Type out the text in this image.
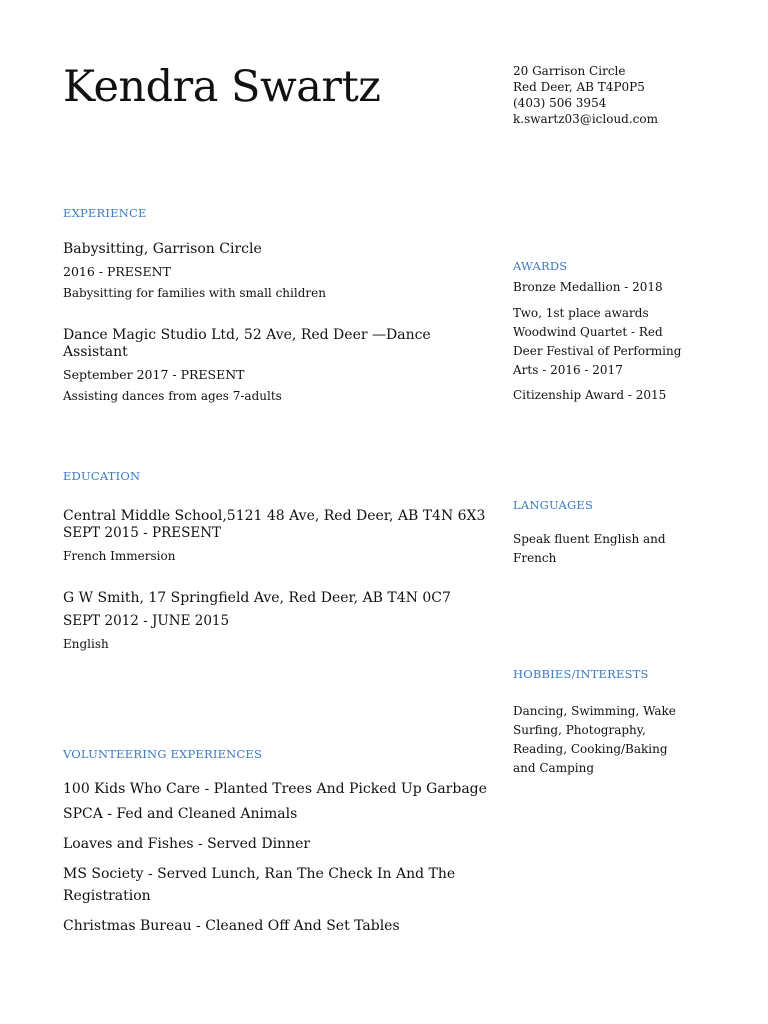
Kendra Swartz	20 Garrison Circle
Red Deer, AB T4P0P5
(403) 506 3954
k.swartz03@icloud.com
EXPERIENCE
Babysitting, Garrison Circle
2016 - PRESENT
Babysitting for families with small children
Dance Magic Studio Ltd, 52 Ave, Red Deer —Dance Assistant
September 2017 - PRESENT
Assisting dances from ages 7-adults
EDUCATION
Central Middle School,5121 48 Ave, Red Deer, AB T4N 6X3
SEPT 2015 - PRESENT
French Immersion
G W Smith, 17 Springfield Ave, Red Deer, AB T4N 0C7
SEPT 2012 - JUNE 2015
English
VOLUNTEERING EXPERIENCES
100 Kids Who Care - Planted Trees And Picked Up Garbage
SPCA - Fed and Cleaned Animals
Loaves and Fishes - Served Dinner
MS Society - Served Lunch, Ran The Check In And The Registration
Christmas Bureau - Cleaned Off And Set Tables
AWARDS
Bronze Medallion - 2018
Two, 1st place awards Woodwind Quartet - Red Deer Festival of Performing Arts - 2016 - 2017
Citizenship Award - 2015
LANGUAGES
Speak fluent English and French
HOBBIES/INTERESTS
Dancing, Swimming, Wake Surfing, Photography, Reading, Cooking/Baking and Camping
